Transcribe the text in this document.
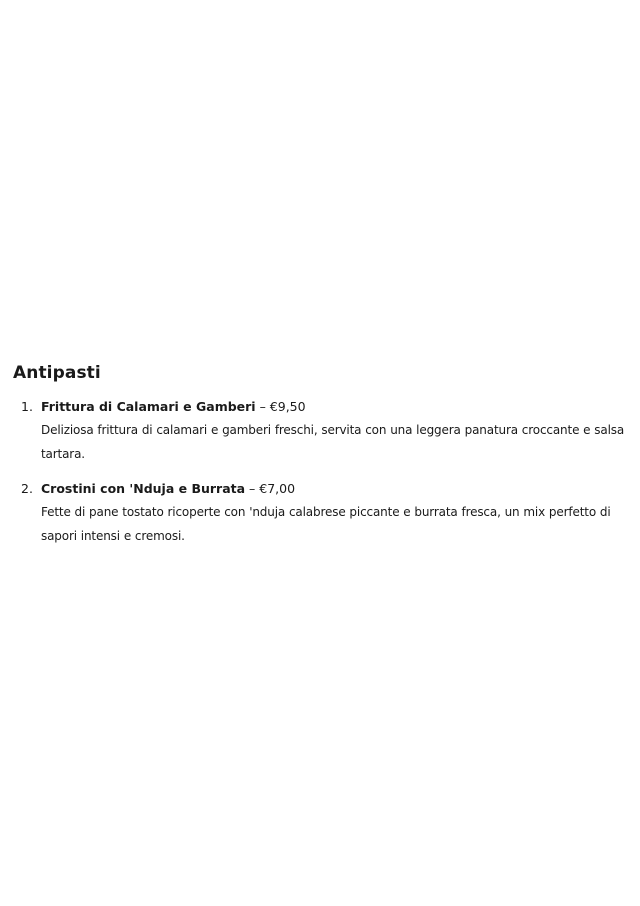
Antipasti
1. Frittura di Calamari e Gamberi – €9,50
Deliziosa frittura di calamari e gamberi freschi, servita con una leggera panatura croccante e salsa
tartara.
2. Crostini con 'Nduja e Burrata – €7,00
Fette di pane tostato ricoperte con 'nduja calabrese piccante e burrata fresca, un mix perfetto di
sapori intensi e cremosi.
